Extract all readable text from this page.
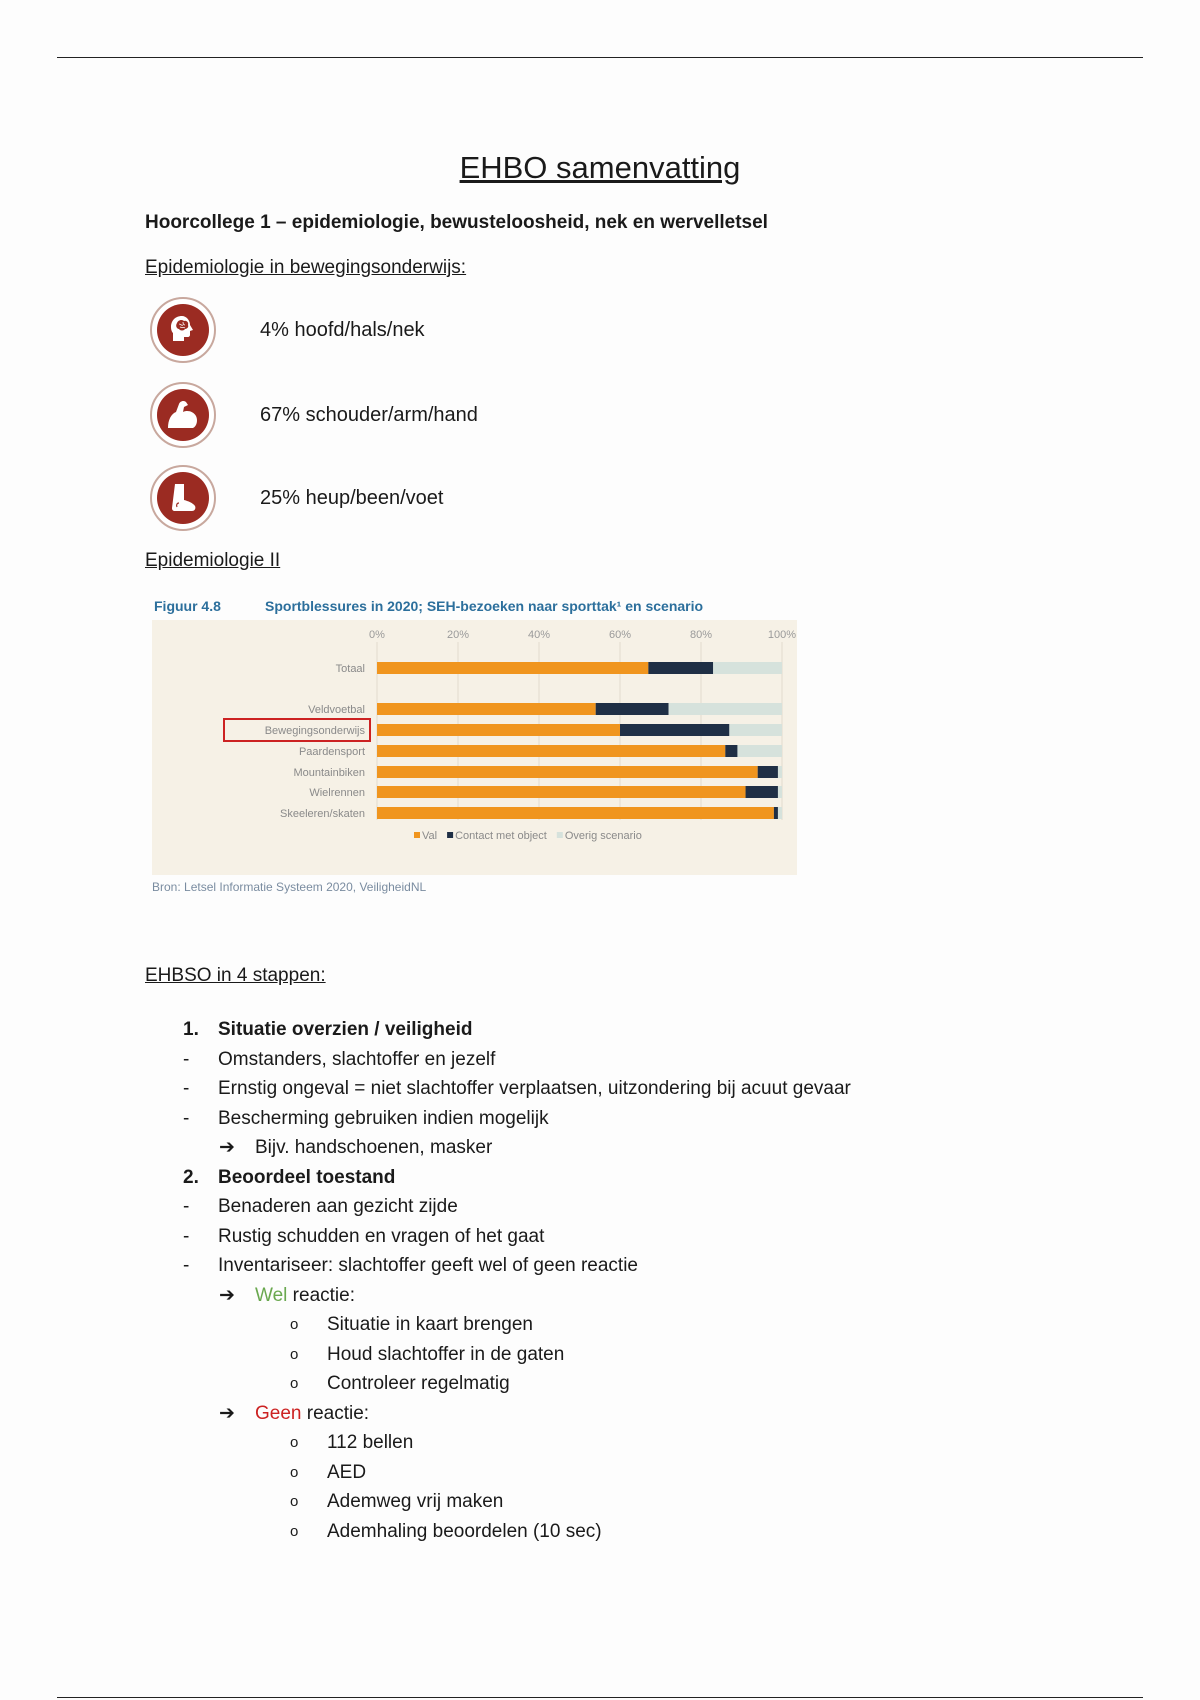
EHBO samenvatting
Hoorcollege 1 – epidemiologie, bewusteloosheid, nek en wervelletsel
Epidemiologie in bewegingsonderwijs:
4% hoofd/hals/nek
67% schouder/arm/hand
25% heup/been/voet
Epidemiologie II
Figuur 4.8	Sportblessures in 2020; SEH-bezoeken naar sporttak¹ en scenario
0%	20%	40%	60%	80%	100%
Totaal
Veldvoetbal
Bewegingsonderwijs
Paardensport
Mountainbiken
Wielrennen
Skeeleren/skaten
Val Contact met object Overig scenario
Bron: Letsel Informatie Systeem 2020, VeiligheidNL
EHBSO in 4 stappen:
1. Situatie overzien / veiligheid
- Omstanders, slachtoffer en jezelf
- Ernstig ongeval = niet slachtoffer verplaatsen, uitzondering bij acuut gevaar
- Bescherming gebruiken indien mogelijk
➔ Bijv. handschoenen, masker
2. Beoordeel toestand
- Benaderen aan gezicht zijde
- Rustig schudden en vragen of het gaat
- Inventariseer: slachtoffer geeft wel of geen reactie
➔ Wel reactie:
o Situatie in kaart brengen
o Houd slachtoffer in de gaten
o Controleer regelmatig
➔ Geen reactie:
o 112 bellen
o AED
o Ademweg vrij maken
o Ademhaling beoordelen (10 sec)
